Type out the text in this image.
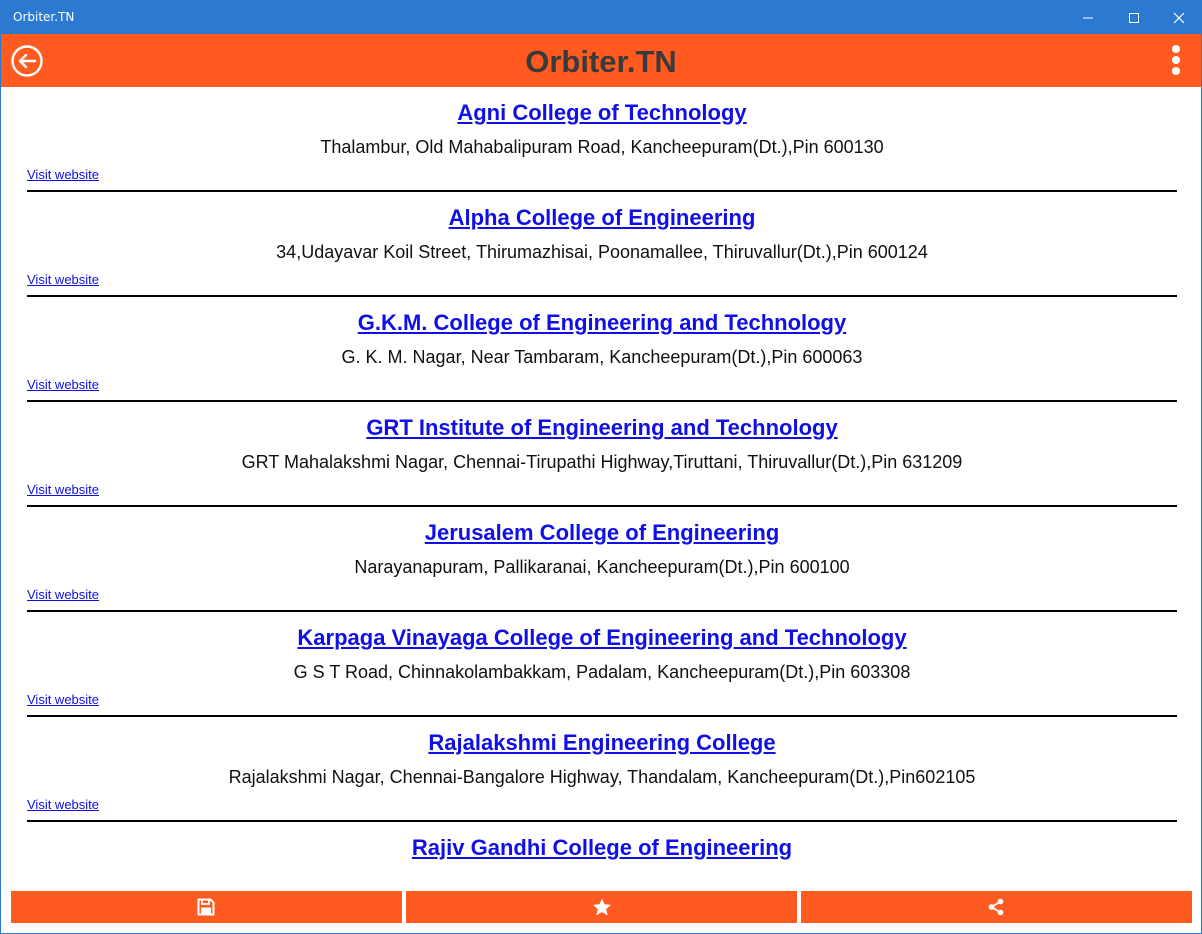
Orbiter.TN
Orbiter.TN
Agni College of Technology
Thalambur, Old Mahabalipuram Road, Kancheepuram(Dt.),Pin 600130
Visit website
Alpha College of Engineering
34,Udayavar Koil Street, Thirumazhisai, Poonamallee, Thiruvallur(Dt.),Pin 600124
Visit website
G.K.M. College of Engineering and Technology
G. K. M. Nagar, Near Tambaram, Kancheepuram(Dt.),Pin 600063
Visit website
GRT Institute of Engineering and Technology
GRT Mahalakshmi Nagar, Chennai-Tirupathi Highway,Tiruttani, Thiruvallur(Dt.),Pin 631209
Visit website
Jerusalem College of Engineering
Narayanapuram, Pallikaranai, Kancheepuram(Dt.),Pin 600100
Visit website
Karpaga Vinayaga College of Engineering and Technology
G S T Road, Chinnakolambakkam, Padalam, Kancheepuram(Dt.),Pin 603308
Visit website
Rajalakshmi Engineering College
Rajalakshmi Nagar, Chennai-Bangalore Highway, Thandalam, Kancheepuram(Dt.),Pin602105
Visit website
Rajiv Gandhi College of Engineering
